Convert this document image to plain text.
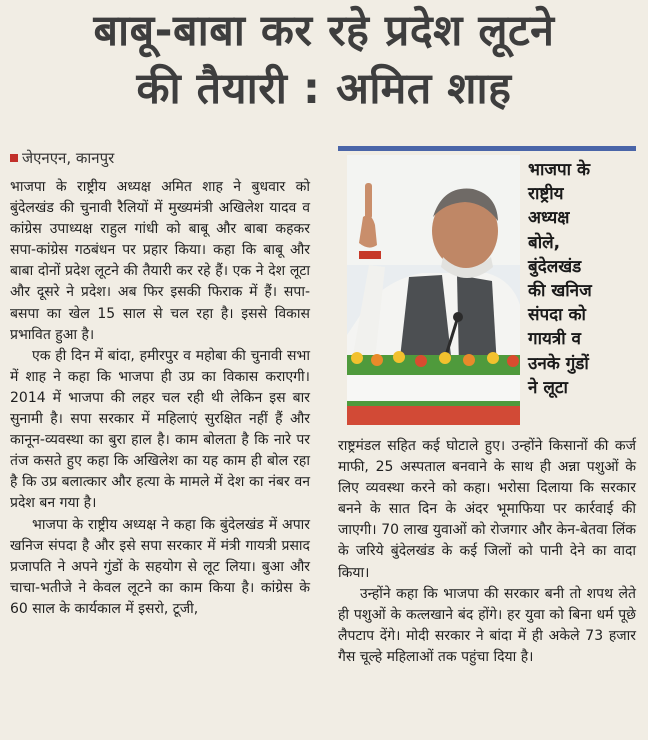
बाबू-बाबा कर रहे प्रदेश लूटने
की तैयारी : अमित शाह
जेएनएन, कानपुर

भाजपा के राष्ट्रीय अध्यक्ष अमित शाह ने बुधवार को बुंदेलखंड की चुनावी रैलियों में मुख्यमंत्री अखिलेश यादव व कांग्रेस उपाध्यक्ष राहुल गांधी को बाबू और बाबा कहकर सपा-कांग्रेस गठबंधन पर प्रहार किया। कहा कि बाबू और बाबा दोनों प्रदेश लूटने की तैयारी कर रहे हैं। एक ने देश लूटा और दूसरे ने प्रदेश। अब फिर इसकी फिराक में हैं। सपा-बसपा का खेल 15 साल से चल रहा है। इससे विकास प्रभावित हुआ है।

एक ही दिन में बांदा, हमीरपुर व महोबा की चुनावी सभा में शाह ने कहा कि भाजपा ही उप्र का विकास कराएगी। 2014 में भाजपा की लहर चल रही थी लेकिन इस बार सुनामी है। सपा सरकार में महिलाएं सुरक्षित नहीं हैं और कानून-व्यवस्था का बुरा हाल है। काम बोलता है कि नारे पर तंज कसते हुए कहा कि अखिलेश का यह काम ही बोल रहा है कि उप्र बलात्कार और हत्या के मामले में देश का नंबर वन प्रदेश बन गया है।

भाजपा के राष्ट्रीय अध्यक्ष ने कहा कि बुंदेलखंड में अपार खनिज संपदा है और इसे सपा सरकार में मंत्री गायत्री प्रसाद प्रजापति ने अपने गुंडों के सहयोग से लूट लिया। बुआ और चाचा-भतीजे ने केवल लूटने का काम किया है। कांग्रेस के 60 साल के कार्यकाल में इसरो, टूजी,

भाजपा के
राष्ट्रीय
अध्यक्ष
बोले,
बुंदेलखंड
की खनिज
संपदा को
गायत्री व
उनके गुंडों
ने लूटा

राष्ट्रमंडल सहित कई घोटाले हुए। उन्होंने किसानों की कर्ज माफी, 25 अस्पताल बनवाने के साथ ही अन्ना पशुओं के लिए व्यवस्था करने को कहा। भरोसा दिलाया कि सरकार बनने के सात दिन के अंदर भूमाफिया पर कार्रवाई की जाएगी। 70 लाख युवाओं को रोजगार और केन-बेतवा लिंक के जरिये बुंदेलखंड के कई जिलों को पानी देने का वादा किया।

उन्होंने कहा कि भाजपा की सरकार बनी तो शपथ लेते ही पशुओं के कत्लखाने बंद होंगे। हर युवा को बिना धर्म पूछे लैपटाप देंगे। मोदी सरकार ने बांदा में ही अकेले 73 हजार गैस चूल्हे महिलाओं तक पहुंचा दिया है।
